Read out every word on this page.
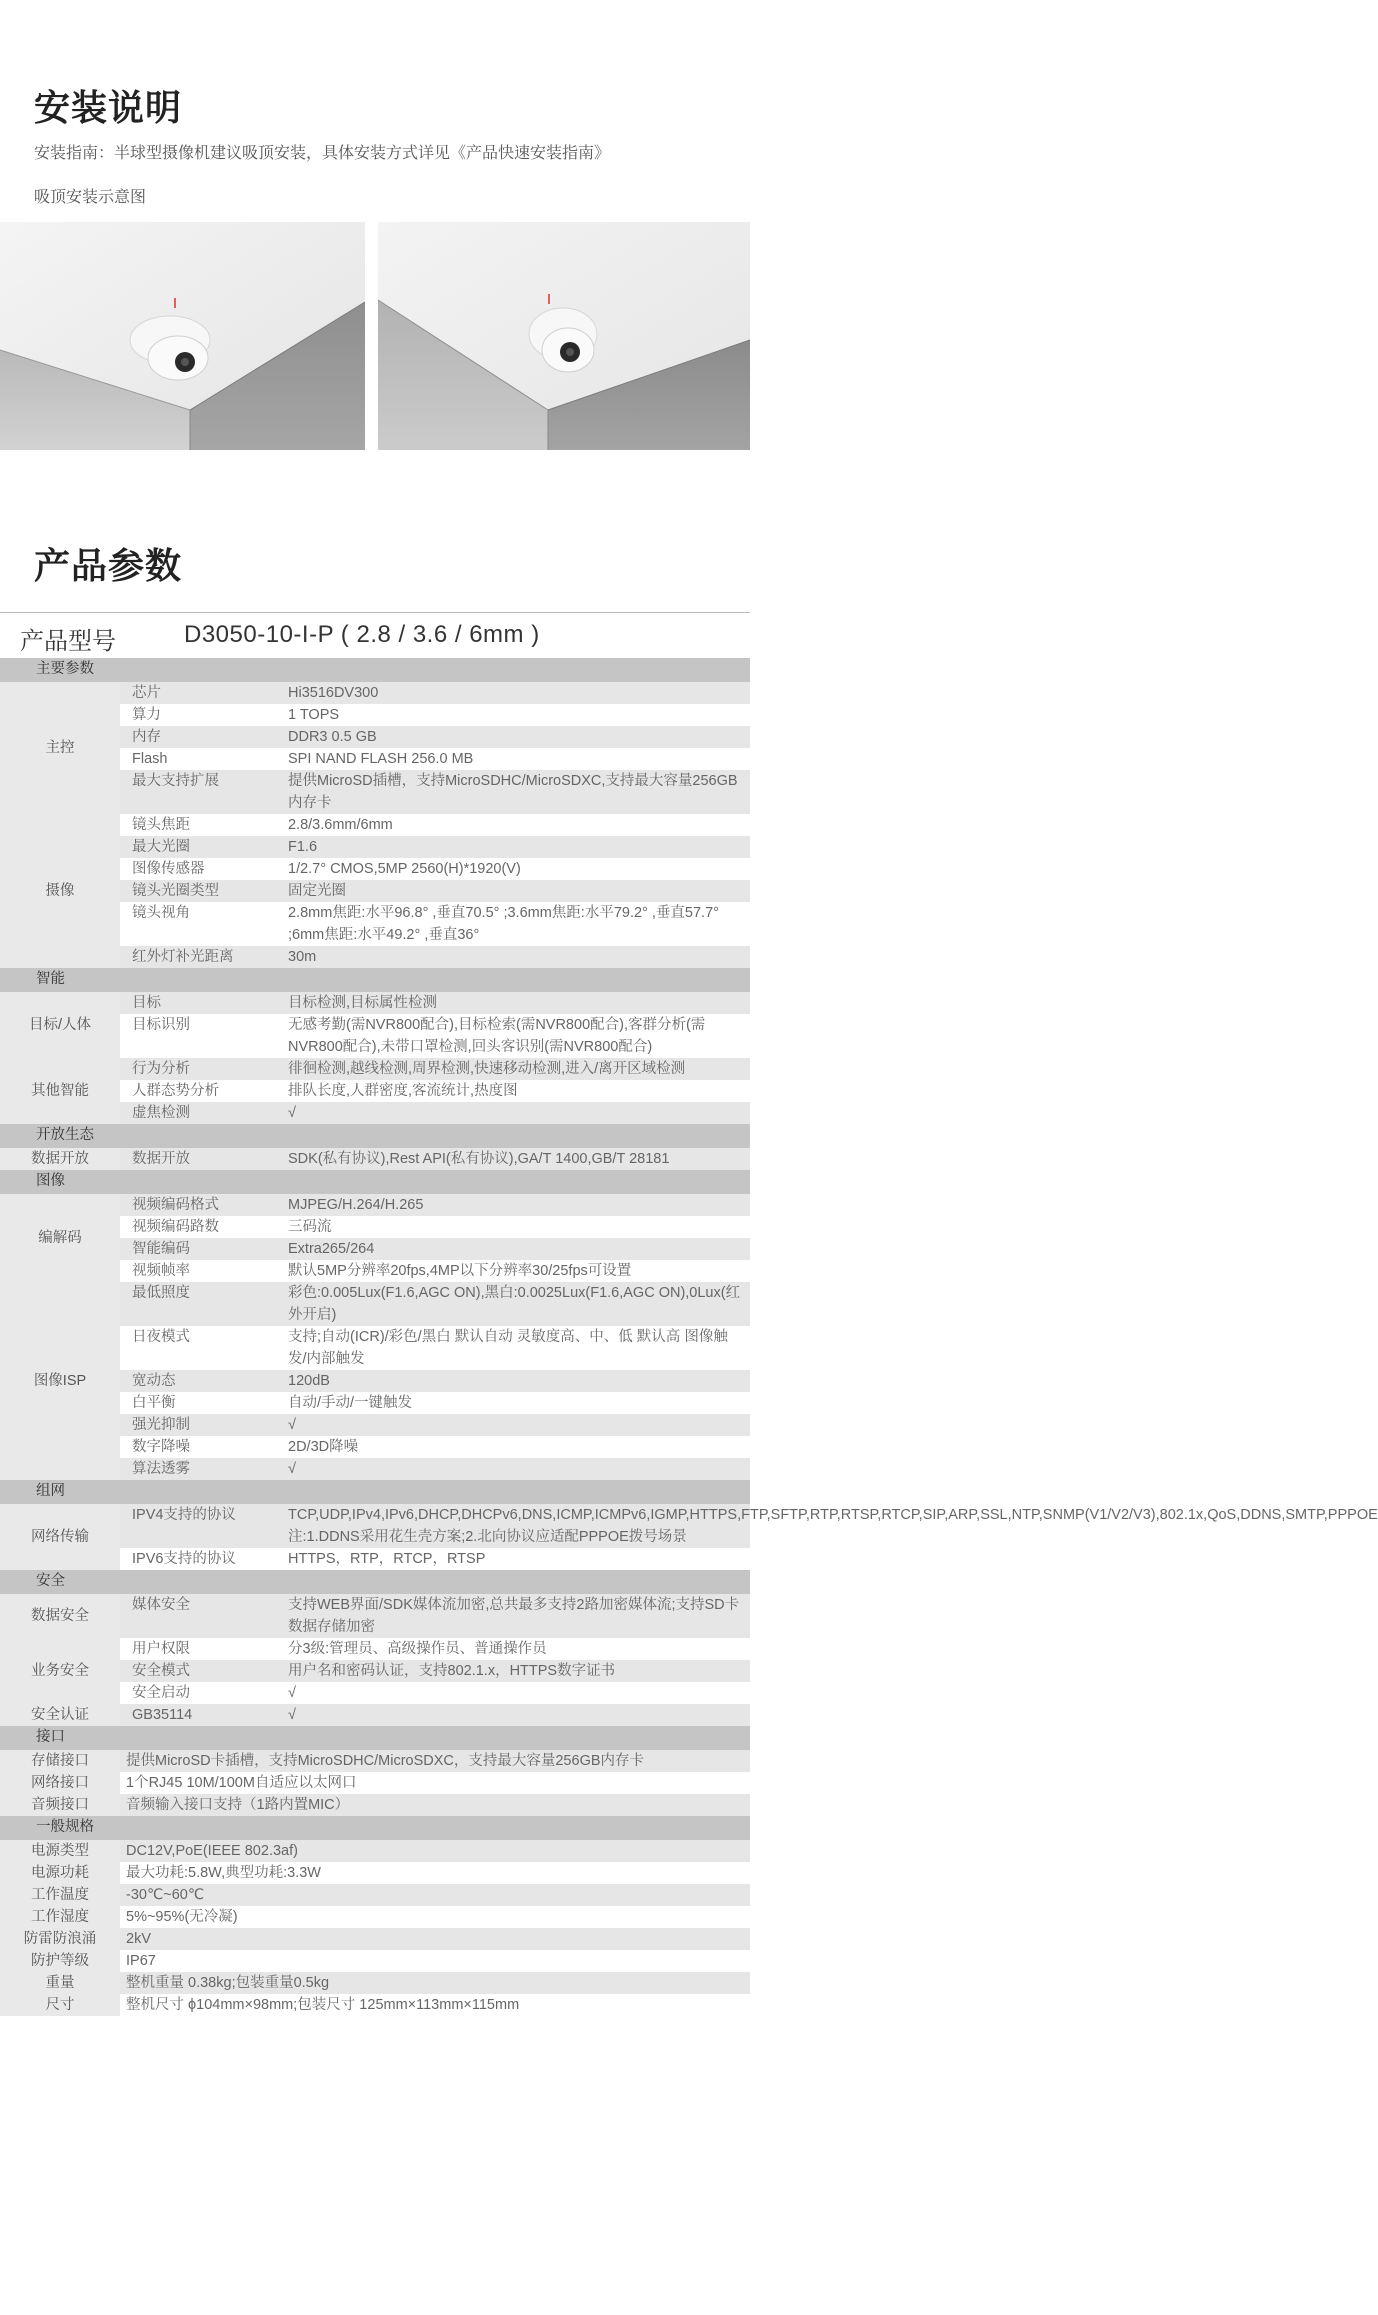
安装说明
安装指南：半球型摄像机建议吸顶安装，具体安装方式详见《产品快速安装指南》
吸顶安装示意图
产品参数
产品型号	D3050-10-I-P ( 2.8 / 3.6 / 6mm )
主要参数		
主控	芯片	Hi3516DV300
	算力	1 TOPS
	内存	DDR3 0.5 GB
	Flash	SPI NAND FLASH 256.0 MB
	最大支持扩展	提供MicroSD插槽，支持MicroSDHC/MicroSDXC,支持最大容量256GB内存卡
摄像	镜头焦距	2.8/3.6mm/6mm
	最大光圈	F1.6
	图像传感器	1/2.7° CMOS,5MP 2560(H)*1920(V)
	镜头光圈类型	固定光圈
	镜头视角	2.8mm焦距:水平96.8° ,垂直70.5° ;3.6mm焦距:水平79.2° ,垂直57.7° ;6mm焦距:水平49.2° ,垂直36°
	红外灯补光距离	30m
智能		
目标/人体	目标	目标检测,目标属性检测
	目标识别	无感考勤(需NVR800配合),目标检索(需NVR800配合),客群分析(需NVR800配合),未带口罩检测,回头客识别(需NVR800配合)
其他智能	行为分析	徘徊检测,越线检测,周界检测,快速移动检测,进入/离开区域检测
	人群态势分析	排队长度,人群密度,客流统计,热度图
	虚焦检测	√
开放生态		
数据开放	数据开放	SDK(私有协议),Rest API(私有协议),GA/T 1400,GB/T 28181
图像		
编解码	视频编码格式	MJPEG/H.264/H.265
	视频编码路数	三码流
	智能编码	Extra265/264
	视频帧率	默认5MP分辨率20fps,4MP以下分辨率30/25fps可设置
图像ISP	最低照度	彩色:0.005Lux(F1.6,AGC ON),黑白:0.0025Lux(F1.6,AGC ON),0Lux(红外开启)
	日夜模式	支持;自动(ICR)/彩色/黑白 默认自动 灵敏度高、中、低 默认高 图像触发/内部触发
	宽动态	120dB
	白平衡	自动/手动/一键触发
	强光抑制	√
	数字降噪	2D/3D降噪
	算法透雾	√
组网		
网络传输	IPV4支持的协议	TCP,UDP,IPv4,IPv6,DHCP,DHCPv6,DNS,ICMP,ICMPv6,IGMP,HTTPS,FTP,SFTP,RTP,RTSP,RTCP,SIP,ARP,SSL,NTP,SNMP(V1/V2/V3),802.1x,QoS,DDNS,SMTP,PPPOE 注:1.DDNS采用花生壳方案;2.北向协议应适配PPPOE拨号场景
	IPV6支持的协议	HTTPS，RTP，RTCP，RTSP
安全		
数据安全	媒体安全	支持WEB界面/SDK媒体流加密,总共最多支持2路加密媒体流;支持SD卡数据存储加密
业务安全	用户权限	分3级:管理员、高级操作员、普通操作员
	安全模式	用户名和密码认证，支持802.1.x，HTTPS数字证书
	安全启动	√
安全认证	GB35114	√
接口		
存储接口	提供MicroSD卡插槽，支持MicroSDHC/MicroSDXC，支持最大容量256GB内存卡	
网络接口	1个RJ45 10M/100M自适应以太网口	
音频接口	音频输入接口支持（1路内置MIC）	
一般规格		
电源类型	DC12V,PoE(IEEE 802.3af)	
电源功耗	最大功耗:5.8W,典型功耗:3.3W	
工作温度	-30℃~60℃	
工作湿度	5%~95%(无冷凝)	
防雷防浪涌	2kV	
防护等级	IP67	
重量	整机重量 0.38kg;包装重量0.5kg	
尺寸	整机尺寸 ϕ104mm×98mm;包装尺寸 125mm×113mm×115mm	
